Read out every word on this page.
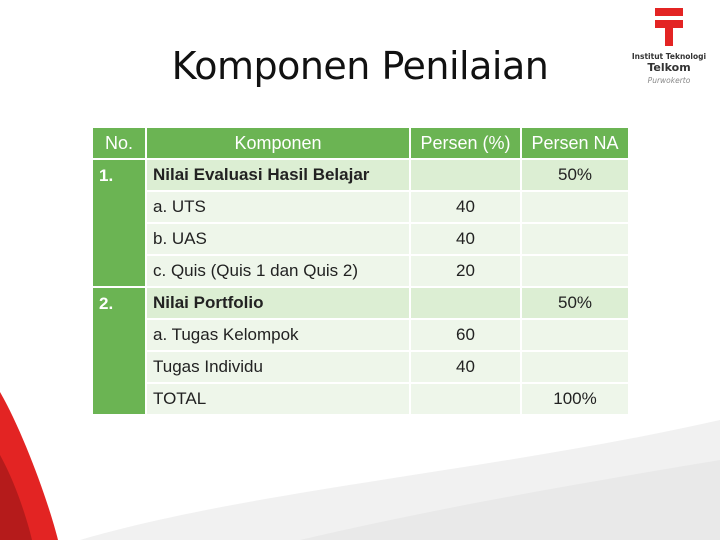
Komponen Penilaian	Institut Teknologi
Telkom
Purwokerto
No.	Komponen	Persen (%)	Persen NA
1.	Nilai Evaluasi Hasil Belajar		50%
	a. UTS	40	
	b. UAS	40	
	c. Quis (Quis 1 dan Quis 2)	20	
2.	Nilai Portfolio		50%
	a. Tugas Kelompok	60	
	Tugas Individu	40	
	TOTAL		100%
